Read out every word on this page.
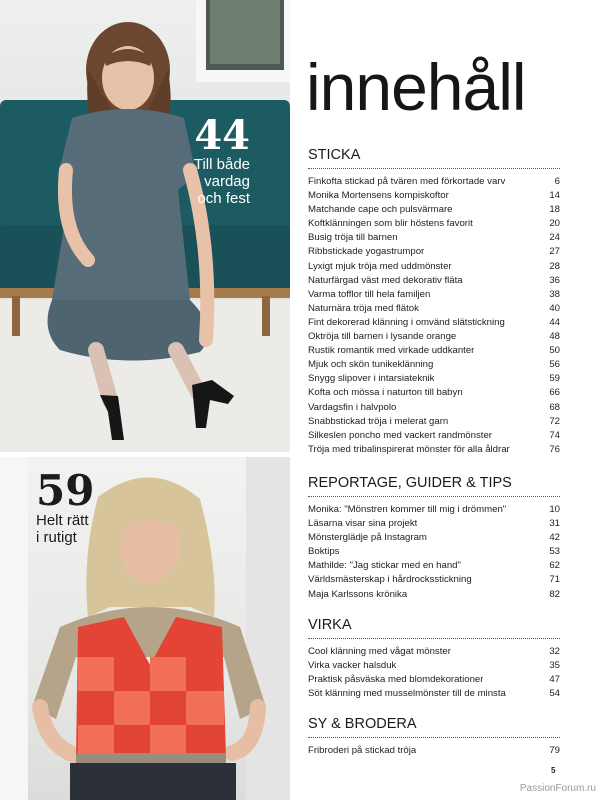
44
Till både
vardag
och fest
59
Helt rätt
i rutigt
innehåll
STICKA
Finkofta stickad på tvären med förkortade varv	6
Monika Mortensens kompiskoftor	14
Matchande cape och pulsvärmare	18
Koftklänningen som blir höstens favorit	20
Busig tröja till barnen	24
Ribbstickade yogastrumpor	27
Lyxigt mjuk tröja med uddmönster	28
Naturfärgad väst med dekorativ fläta	36
Varma tofflor till hela familjen	38
Naturnära tröja med flätok	40
Fint dekorerad klänning i omvänd slätstickning	44
Oktröja till barnen i lysande orange	48
Rustik romantik med virkade uddkanter	50
Mjuk och skön tunikeklänning	56
Snygg slipover i intarsiateknik	59
Kofta och mössa i naturton till babyn	66
Vardagsfin i halvpolo	68
Snabbstickad tröja i melerat garn	72
Silkeslen poncho med vackert randmönster	74
Tröja med tribalinspirerat mönster för alla åldrar	76
REPORTAGE, GUIDER & TIPS
Monika: "Mönstren kommer till mig i drömmen"	10
Läsarna visar sina projekt	31
Mönsterglädje på Instagram	42
Boktips	53
Mathilde: "Jag stickar med en hand"	62
Världsmästerskap i hårdrocksstickning	71
Maja Karlssons krönika	82
VIRKA
Cool klänning med vågat mönster	32
Virka vacker halsduk	35
Praktisk påsväska med blomdekorationer	47
Söt klänning med musselmönster till de minsta	54
SY & BRODERA
Fribroderi på stickad tröja	79
5
PassionForum.ru
